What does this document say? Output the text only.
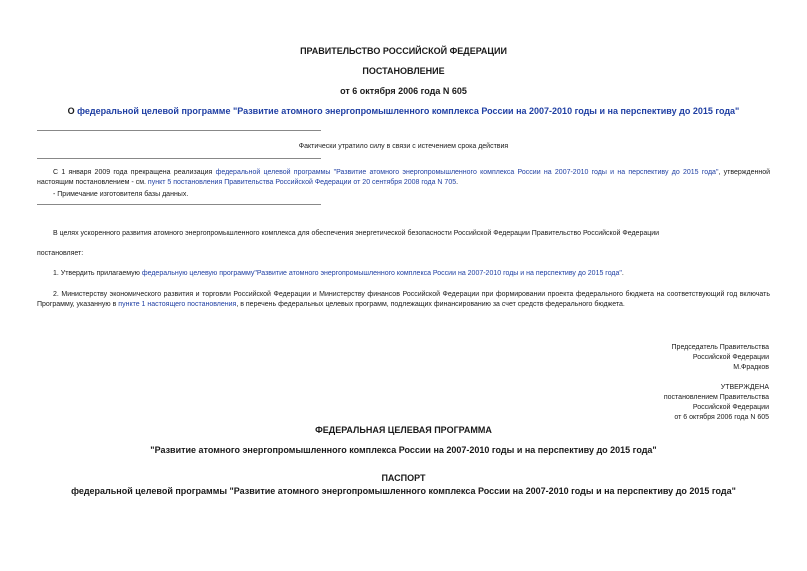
ПРАВИТЕЛЬСТВО РОССИЙСКОЙ ФЕДЕРАЦИИ
ПОСТАНОВЛЕНИЕ
от 6 октября 2006 года N 605
О федеральной целевой программе "Развитие атомного энергопромышленного комплекса России на 2007-2010 годы и на перспективу до 2015 года"
Фактически утратило силу в связи с истечением срока действия
С 1 января 2009 года прекращена реализация федеральной целевой программы "Развитие атомного энергопромышленного комплекса России на 2007-2010 годы и на перспективу до 2015 года", утвержденной настоящим постановлением - см. пункт 5 постановления Правительства Российской Федерации от 20 сентября 2008 года N 705.
- Примечание изготовителя базы данных.
В целях ускоренного развития атомного энергопромышленного комплекса для обеспечения энергетической безопасности Российской Федерации Правительство Российской Федерации
постановляет:
1. Утвердить прилагаемую федеральную целевую программу"Развитие атомного энергопромышленного комплекса России на 2007-2010 годы и на перспективу до 2015 года".
2. Министерству экономического развития и торговли Российской Федерации и Министерству финансов Российской Федерации при формировании проекта федерального бюджета на соответствующий год включать Программу, указанную в пункте 1 настоящего постановления, в перечень федеральных целевых программ, подлежащих финансированию за счет средств федерального бюджета.

Председатель Правительства

Российской Федерации

М.Фрадков

УТВЕРЖДЕНА

постановлением Правительства

Российской Федерации

от 6 октября 2006 года N 605

ФЕДЕРАЛЬНАЯ ЦЕЛЕВАЯ ПРОГРАММА
"Развитие атомного энергопромышленного комплекса России на 2007-2010 годы и на перспективу до 2015 года"
ПАСПОРТ
федеральной целевой программы "Развитие атомного энергопромышленного комплекса России на 2007-2010 годы и на перспективу до 2015 года"
